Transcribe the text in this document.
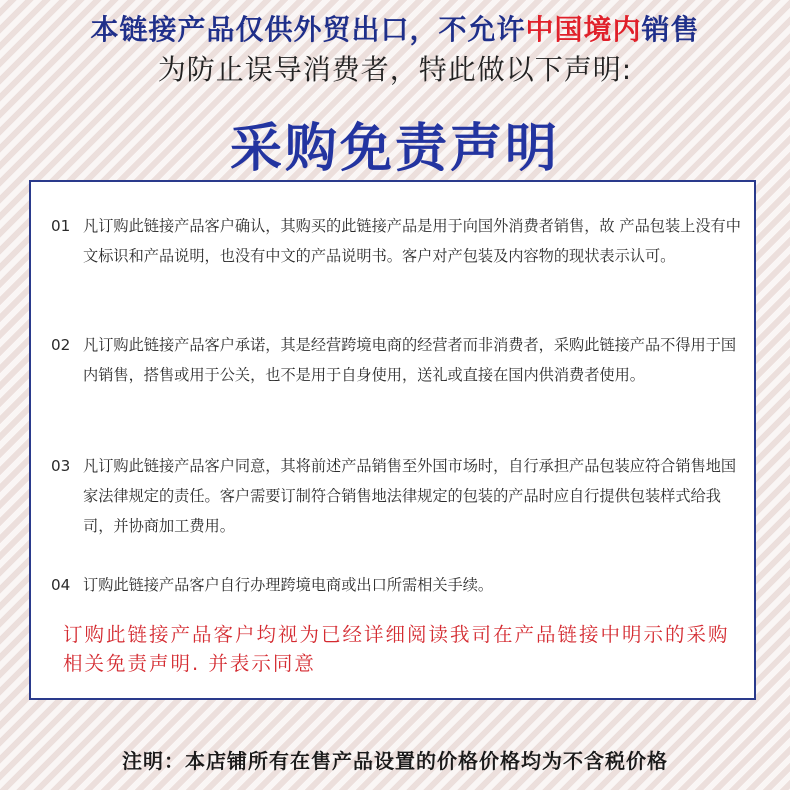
本链接产品仅供外贸出口，不允许中国境内销售
为防止误导消费者，特此做以下声明:
采购免责声明
01 凡订购此链接产品客户确认，其购买的此链接产品是用于向国外消费者销售，故 产品包装上没有中文标识和产品说明，也没有中文的产品说明书。客户对产包装及内容物的现状表示认可。
02 凡订购此链接产品客户承诺，其是经营跨境电商的经营者而非消费者，采购此链接产品不得用于国内销售，搭售或用于公关，也不是用于自身使用，送礼或直接在国内供消费者使用。
03 凡订购此链接产品客户同意，其将前述产品销售至外国市场时，自行承担产品包装应符合销售地国家法律规定的责任。客户需要订制符合销售地法律规定的包装的产品时应自行提供包装样式给我司，并协商加工费用。
04 订购此链接产品客户自行办理跨境电商或出口所需相关手续。
订购此链接产品客户均视为已经详细阅读我司在产品链接中明示的采购相关免责声明. 并表示同意
注明：本店铺所有在售产品设置的价格价格均为不含税价格
